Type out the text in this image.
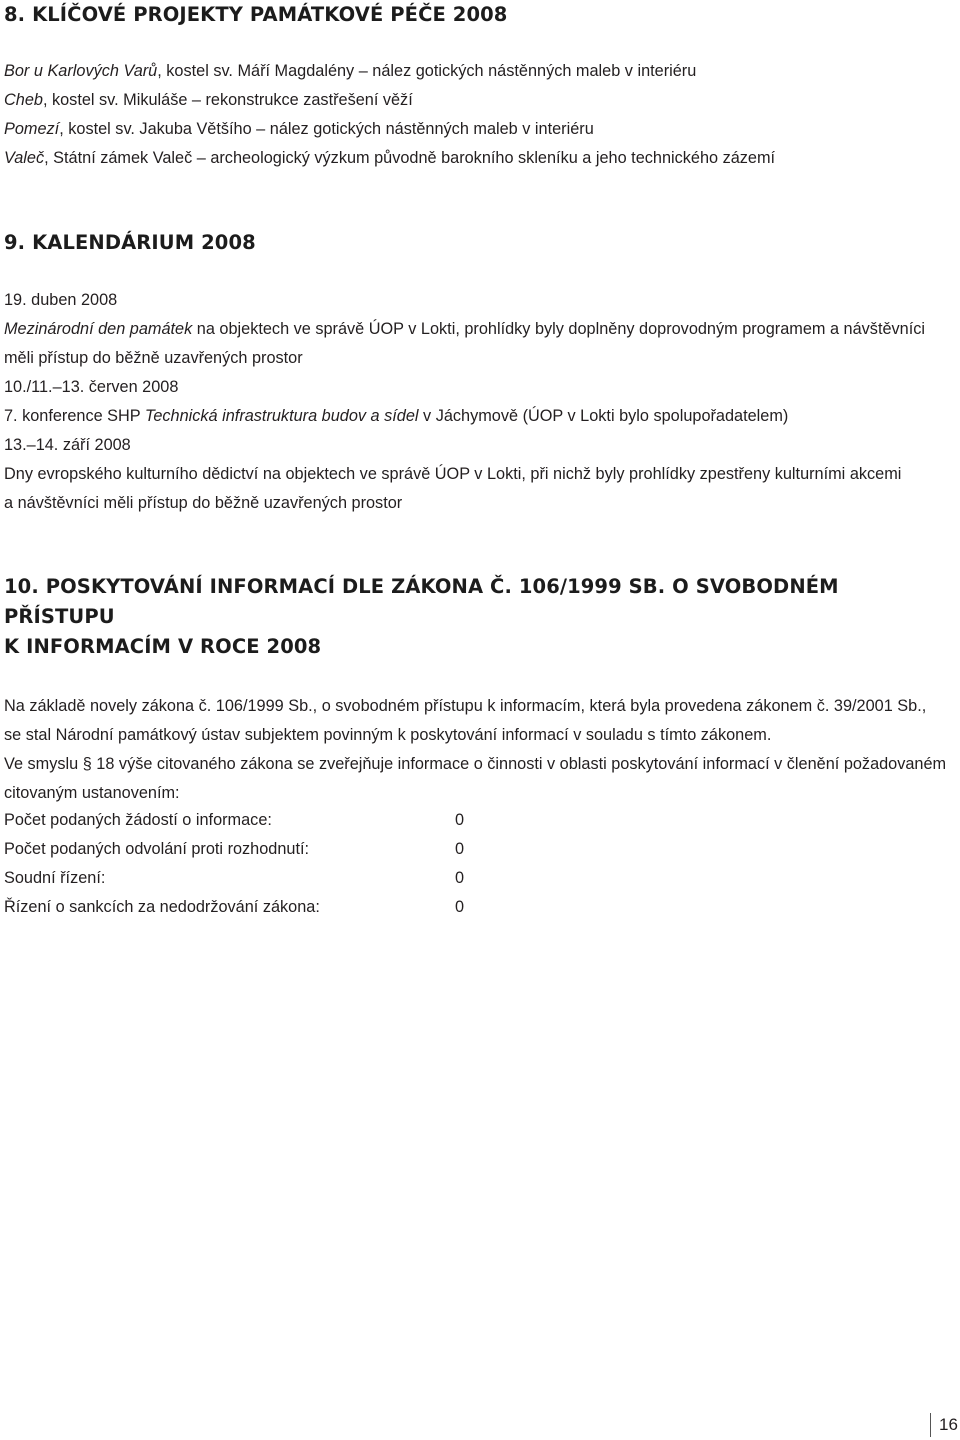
8. KLÍČOVÉ PROJEKTY PAMÁTKOVÉ PÉČE 2008

Bor u Karlových Varů, kostel sv. Máří Magdalény – nález gotických nástěnných maleb v interiéru

Cheb, kostel sv. Mikuláše – rekonstrukce zastřešení věží

Pomezí, kostel sv. Jakuba Většího – nález gotických nástěnných maleb v interiéru

Valeč, Státní zámek Valeč – archeologický výzkum původně barokního skleníku a jeho technického zázemí

9. KALENDÁRIUM 2008

19. duben 2008

Mezinárodní den památek na objektech ve správě ÚOP v Lokti, prohlídky byly doplněny doprovodným programem a návštěvníci

měli přístup do běžně uzavřených prostor

10./11.–13. červen 2008

7. konference SHP Technická infrastruktura budov a sídel v Jáchymově (ÚOP v Lokti bylo spolupořadatelem)

13.–14. září 2008

Dny evropského kulturního dědictví na objektech ve správě ÚOP v Lokti, při nichž byly prohlídky zpestřeny kulturními akcemi

a návštěvníci měli přístup do běžně uzavřených prostor

10. POSKYTOVÁNÍ INFORMACÍ DLE ZÁKONA Č. 106/1999 SB. O SVOBODNÉM PŘÍSTUPU
K INFORMACÍM V ROCE 2008

Na základě novely zákona č. 106/1999 Sb., o svobodném přístupu k informacím, která byla provedena zákonem č. 39/2001 Sb.,

se stal Národní památkový ústav subjektem povinným k poskytování informací v souladu s tímto zákonem.

Ve smyslu § 18 výše citovaného zákona se zveřejňuje informace o činnosti v oblasti poskytování informací v členění požadovaném

citovaným ustanovením:

Počet podaných žádostí o informace:	0
Počet podaných odvolání proti rozhodnutí:	0
Soudní řízení:	0
Řízení o sankcích za nedodržování zákona:	0
16
